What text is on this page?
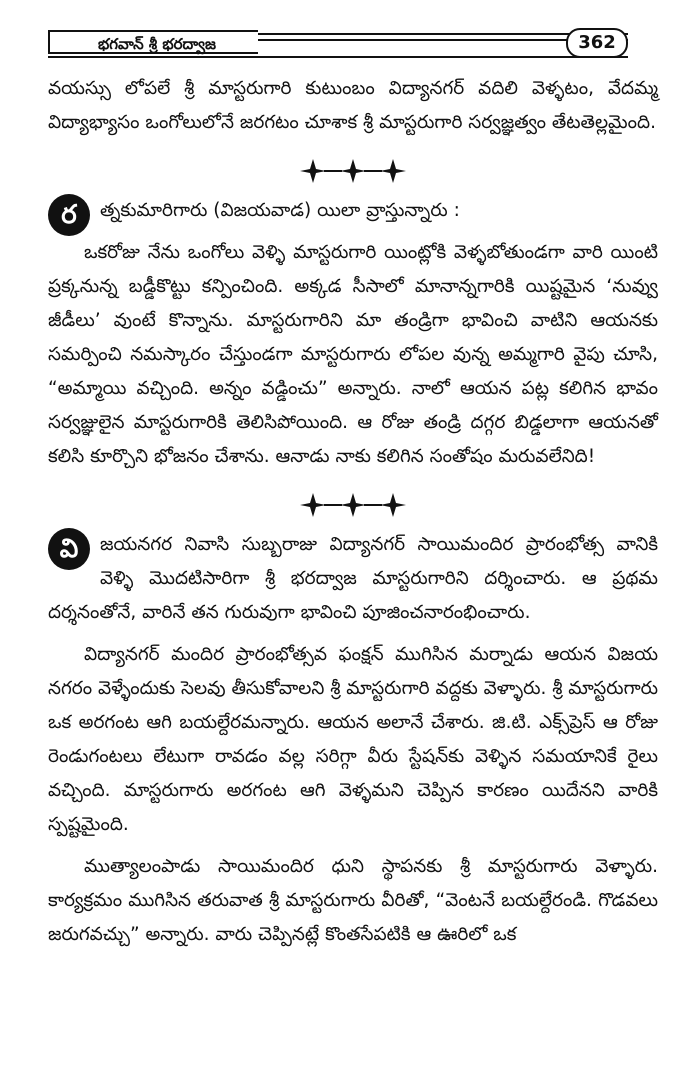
భగవాన్ శ్రీ భరద్వాజ	362

వయస్సు లోపలే శ్రీ మాస్టరుగారి కుటుంబం విద్యానగర్ వదిలి వెళ్ళటం, వేదమ్మ విద్యాభ్యాసం ఒంగోలులోనే జరగటం చూశాక శ్రీ మాస్టరుగారి సర్వజ్ఞత్వం తేటతెల్లమైంది.

ర	త్నకుమారిగారు (విజయవాడ) యిలా వ్రాస్తున్నారు :

ఒకరోజు నేను ఒంగోలు వెళ్ళి మాస్టరుగారి యింట్లోకి వెళ్ళబోతుండగా వారి యింటి ప్రక్కనున్న బడ్డీకొట్టు కన్పించింది. అక్కడ సీసాలో మానాన్నగారికి యిష్టమైన ‘నువ్వు జీడీలు’ వుంటే కొన్నాను. మాస్టరుగారిని మా తండ్రిగా భావించి వాటిని ఆయనకు సమర్పించి నమస్కారం చేస్తుండగా మాస్టరుగారు లోపల వున్న అమ్మగారి వైపు చూసి, “అమ్మాయి వచ్చింది. అన్నం వడ్డించు” అన్నారు. నాలో ఆయన పట్ల కలిగిన భావం సర్వజ్ఞులైన మాస్టరుగారికి తెలిసిపోయింది. ఆ రోజు తండ్రి దగ్గర బిడ్డలాగా ఆయనతో కలిసి కూర్చొని భోజనం చేశాను. ఆనాడు నాకు కలిగిన సంతోషం మరువలేనిది!

వి	జయనగర నివాసి సుబ్బరాజు విద్యానగర్ సాయిమందిర ప్రారంభోత్స వానికి వెళ్ళి మొదటిసారిగా శ్రీ భరద్వాజ మాస్టరుగారిని దర్శించారు. ఆ ప్రథమ దర్శనంతోనే, వారినే తన గురువుగా భావించి పూజించనారంభించారు.

విద్యానగర్ మందిర ప్రారంభోత్సవ ఫంక్షన్ ముగిసిన మర్నాడు ఆయన విజయ నగరం వెళ్ళేందుకు సెలవు తీసుకోవాలని శ్రీ మాస్టరుగారి వద్దకు వెళ్ళారు. శ్రీ మాస్టరుగారు ఒక అరగంట ఆగి బయల్దేరమన్నారు. ఆయన అలానే చేశారు. జి.టి. ఎక్స్‌ప్రెస్ ఆ రోజు రెండుగంటలు లేటుగా రావడం వల్ల సరిగ్గా వీరు స్టేషన్‌కు వెళ్ళిన సమయానికే రైలు వచ్చింది. మాస్టరుగారు అరగంట ఆగి వెళ్ళమని చెప్పిన కారణం యిదేనని వారికి స్పష్టమైంది.

ముత్యాలంపాడు సాయిమందిర ధుని స్థాపనకు శ్రీ మాస్టరుగారు వెళ్ళారు. కార్యక్రమం ముగిసిన తరువాత శ్రీ మాస్టరుగారు వీరితో, “వెంటనే బయల్దేరండి. గొడవలు జరుగవచ్చు” అన్నారు. వారు చెప్పినట్లే కొంతసేపటికి ఆ ఊరిలో ఒక
